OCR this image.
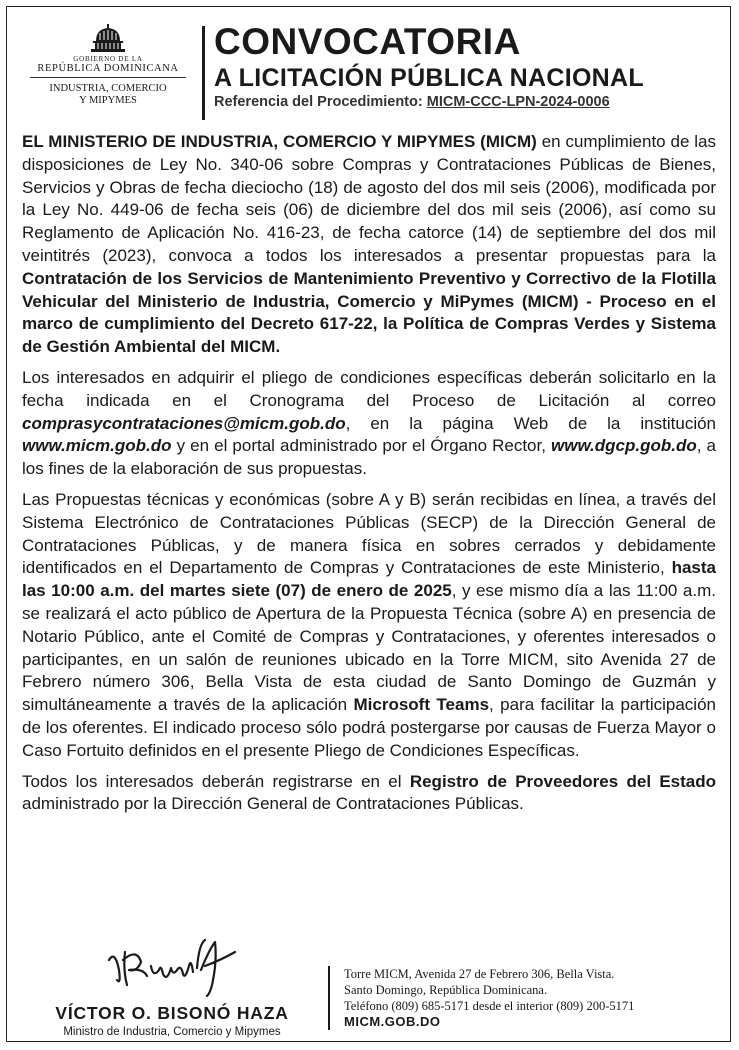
GOBIERNO DE LA
REPÚBLICA DOMINICANA
INDUSTRIA, COMERCIO
Y MIPYMES
CONVOCATORIA
A LICITACIÓN PÚBLICA NACIONAL
Referencia del Procedimiento: MICM-CCC-LPN-2024-0006

EL MINISTERIO DE INDUSTRIA, COMERCIO Y MIPYMES (MICM) en cumplimiento de las disposiciones de Ley No. 340-06 sobre Compras y Contrataciones Públicas de Bienes, Servicios y Obras de fecha dieciocho (18) de agosto del dos mil seis (2006), modificada por la Ley No. 449-06 de fecha seis (06) de diciembre del dos mil seis (2006), así como su Reglamento de Aplicación No. 416-23, de fecha catorce (14) de septiembre del dos mil veintitrés (2023), convoca a todos los interesados a presentar propuestas para la Contratación de los Servicios de Mantenimiento Preventivo y Correctivo de la Flotilla Vehicular del Ministerio de Industria, Comercio y MiPymes (MICM) - Proceso en el marco de cumplimiento del Decreto 617-22, la Política de Compras Verdes y Sistema de Gestión Ambiental del MICM.

Los interesados en adquirir el pliego de condiciones específicas deberán solicitarlo en la fecha indicada en el Cronograma del Proceso de Licitación al correo comprasycontrataciones@micm.gob.do, en la página Web de la institución www.micm.gob.do y en el portal administrado por el Órgano Rector, www.dgcp.gob.do, a los fines de la elaboración de sus propuestas.

Las Propuestas técnicas y económicas (sobre A y B) serán recibidas en línea, a través del Sistema Electrónico de Contrataciones Públicas (SECP) de la Dirección General de Contrataciones Públicas, y de manera física en sobres cerrados y debidamente identificados en el Departamento de Compras y Contrataciones de este Ministerio, hasta las 10:00 a.m. del martes siete (07) de enero de 2025, y ese mismo día a las 11:00 a.m. se realizará el acto público de Apertura de la Propuesta Técnica (sobre A) en presencia de Notario Público, ante el Comité de Compras y Contrataciones, y oferentes interesados o participantes, en un salón de reuniones ubicado en la Torre MICM, sito Avenida 27 de Febrero número 306, Bella Vista de esta ciudad de Santo Domingo de Guzmán y simultáneamente a través de la aplicación Microsoft Teams, para facilitar la participación de los oferentes. El indicado proceso sólo podrá postergarse por causas de Fuerza Mayor o Caso Fortuito definidos en el presente Pliego de Condiciones Específicas.

Todos los interesados deberán registrarse en el Registro de Proveedores del Estado administrado por la Dirección General de Contrataciones Públicas.

VÍCTOR O. BISONÓ HAZA
Ministro de Industria, Comercio y Mipymes
Torre MICM, Avenida 27 de Febrero 306, Bella Vista.
Santo Domingo, República Dominicana.
Teléfono (809) 685-5171 desde el interior (809) 200-5171
MICM.GOB.DO
